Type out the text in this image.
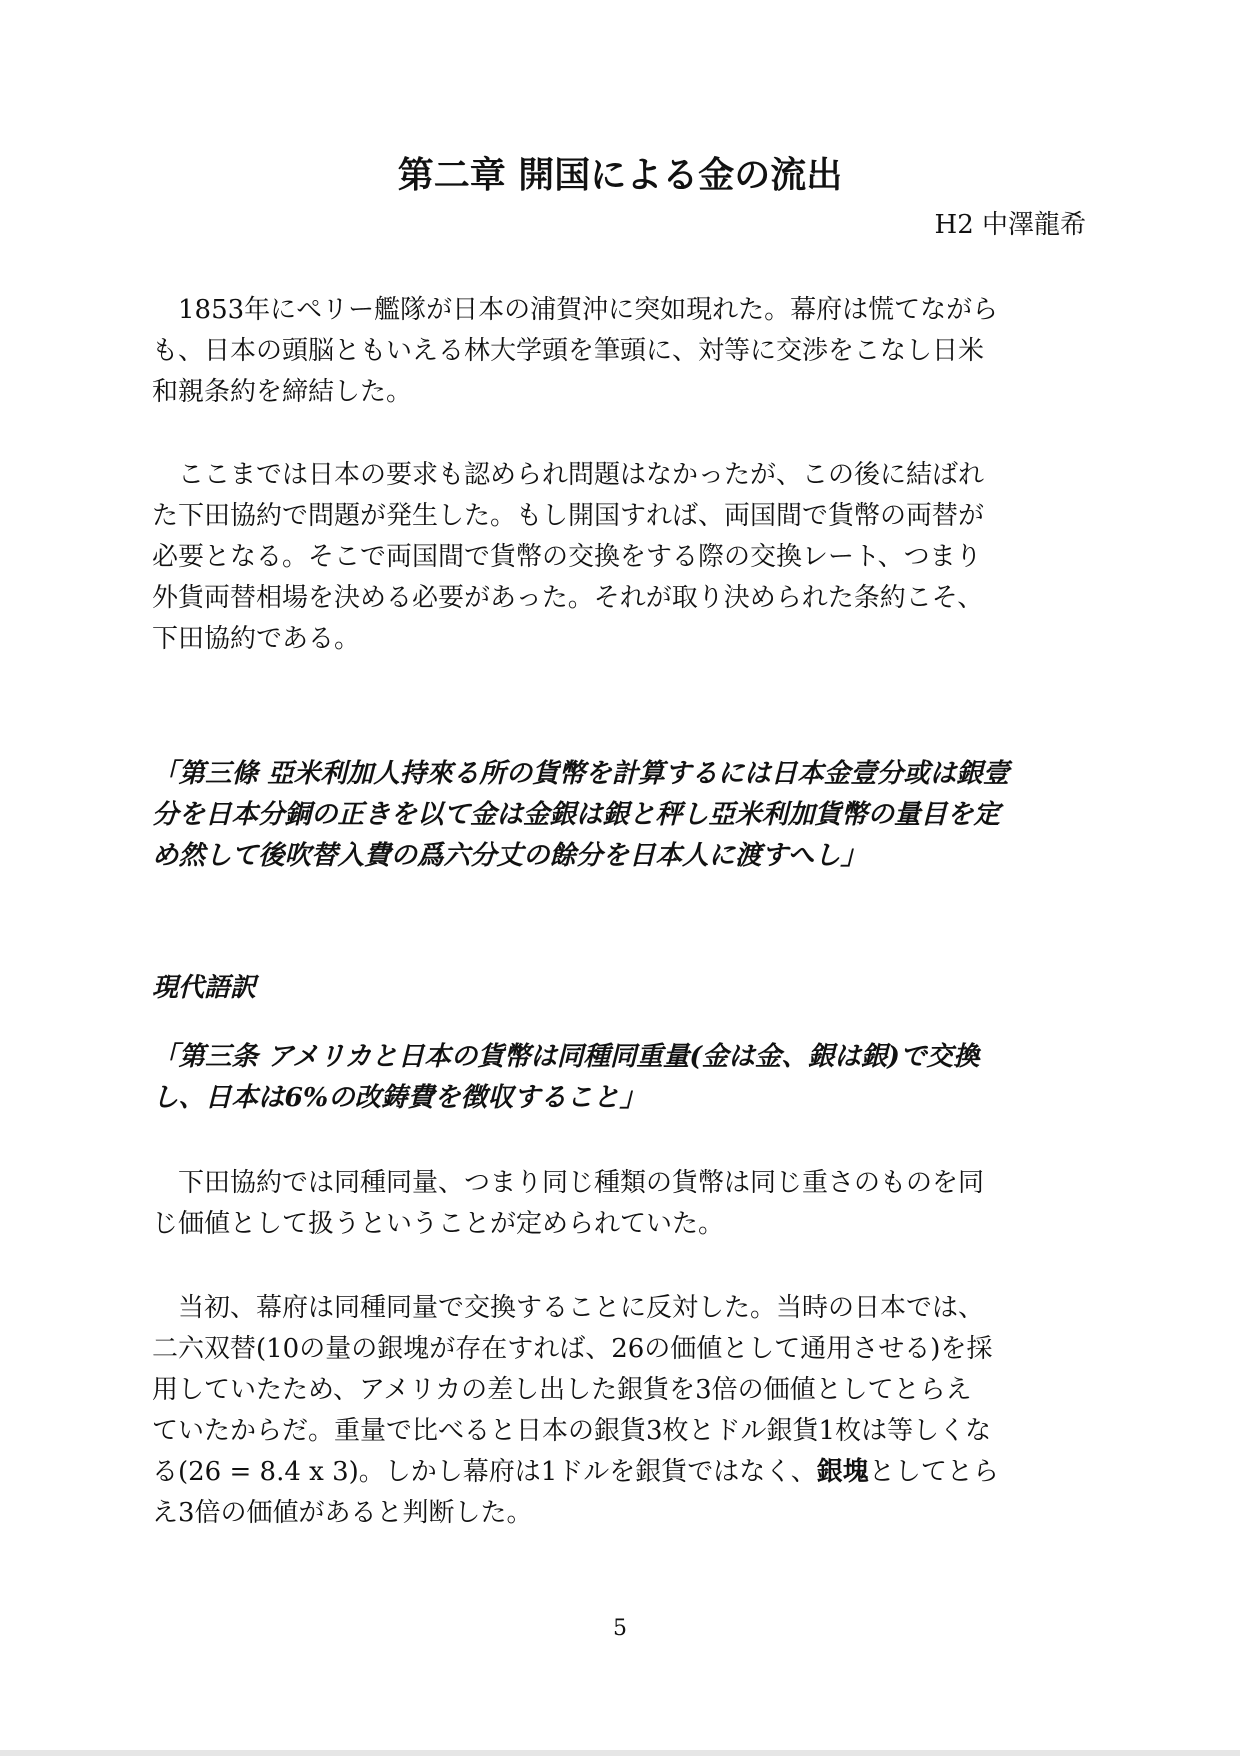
第二章 開国による金の流出
H2 中澤龍希

　1853年にペリー艦隊が日本の浦賀沖に突如現れた。幕府は慌てながら
も、日本の頭脳ともいえる林大学頭を筆頭に、対等に交渉をこなし日米
和親条約を締結した。

　ここまでは日本の要求も認められ問題はなかったが、この後に結ばれ
た下田協約で問題が発生した。もし開国すれば、両国間で貨幣の両替が
必要となる。そこで両国間で貨幣の交換をする際の交換レート、つまり
外貨両替相場を決める必要があった。それが取り決められた条約こそ、
下田協約である。

「第三條 亞米利加人持來る所の貨幣を計算するには日本金壹分或は銀壹
分を日本分銅の正きを以て金は金銀は銀と秤し亞米利加貨幣の量目を定
め然して後吹替入費の爲六分丈の餘分を日本人に渡すへし」

現代語訳

「第三条 アメリカと日本の貨幣は同種同重量(金は金、銀は銀)で交換
し、日本は6%の改鋳費を徴収すること」

　下田協約では同種同量、つまり同じ種類の貨幣は同じ重さのものを同
じ価値として扱うということが定められていた。

　当初、幕府は同種同量で交換することに反対した。当時の日本では、
二六双替(10の量の銀塊が存在すれば、26の価値として通用させる)を採
用していたため、アメリカの差し出した銀貨を3倍の価値としてとらえ
ていたからだ。重量で比べると日本の銀貨3枚とドル銀貨1枚は等しくな
る(26 = 8.4 x 3)。しかし幕府は1ドルを銀貨ではなく、銀塊としてとら
え3倍の価値があると判断した。

5
